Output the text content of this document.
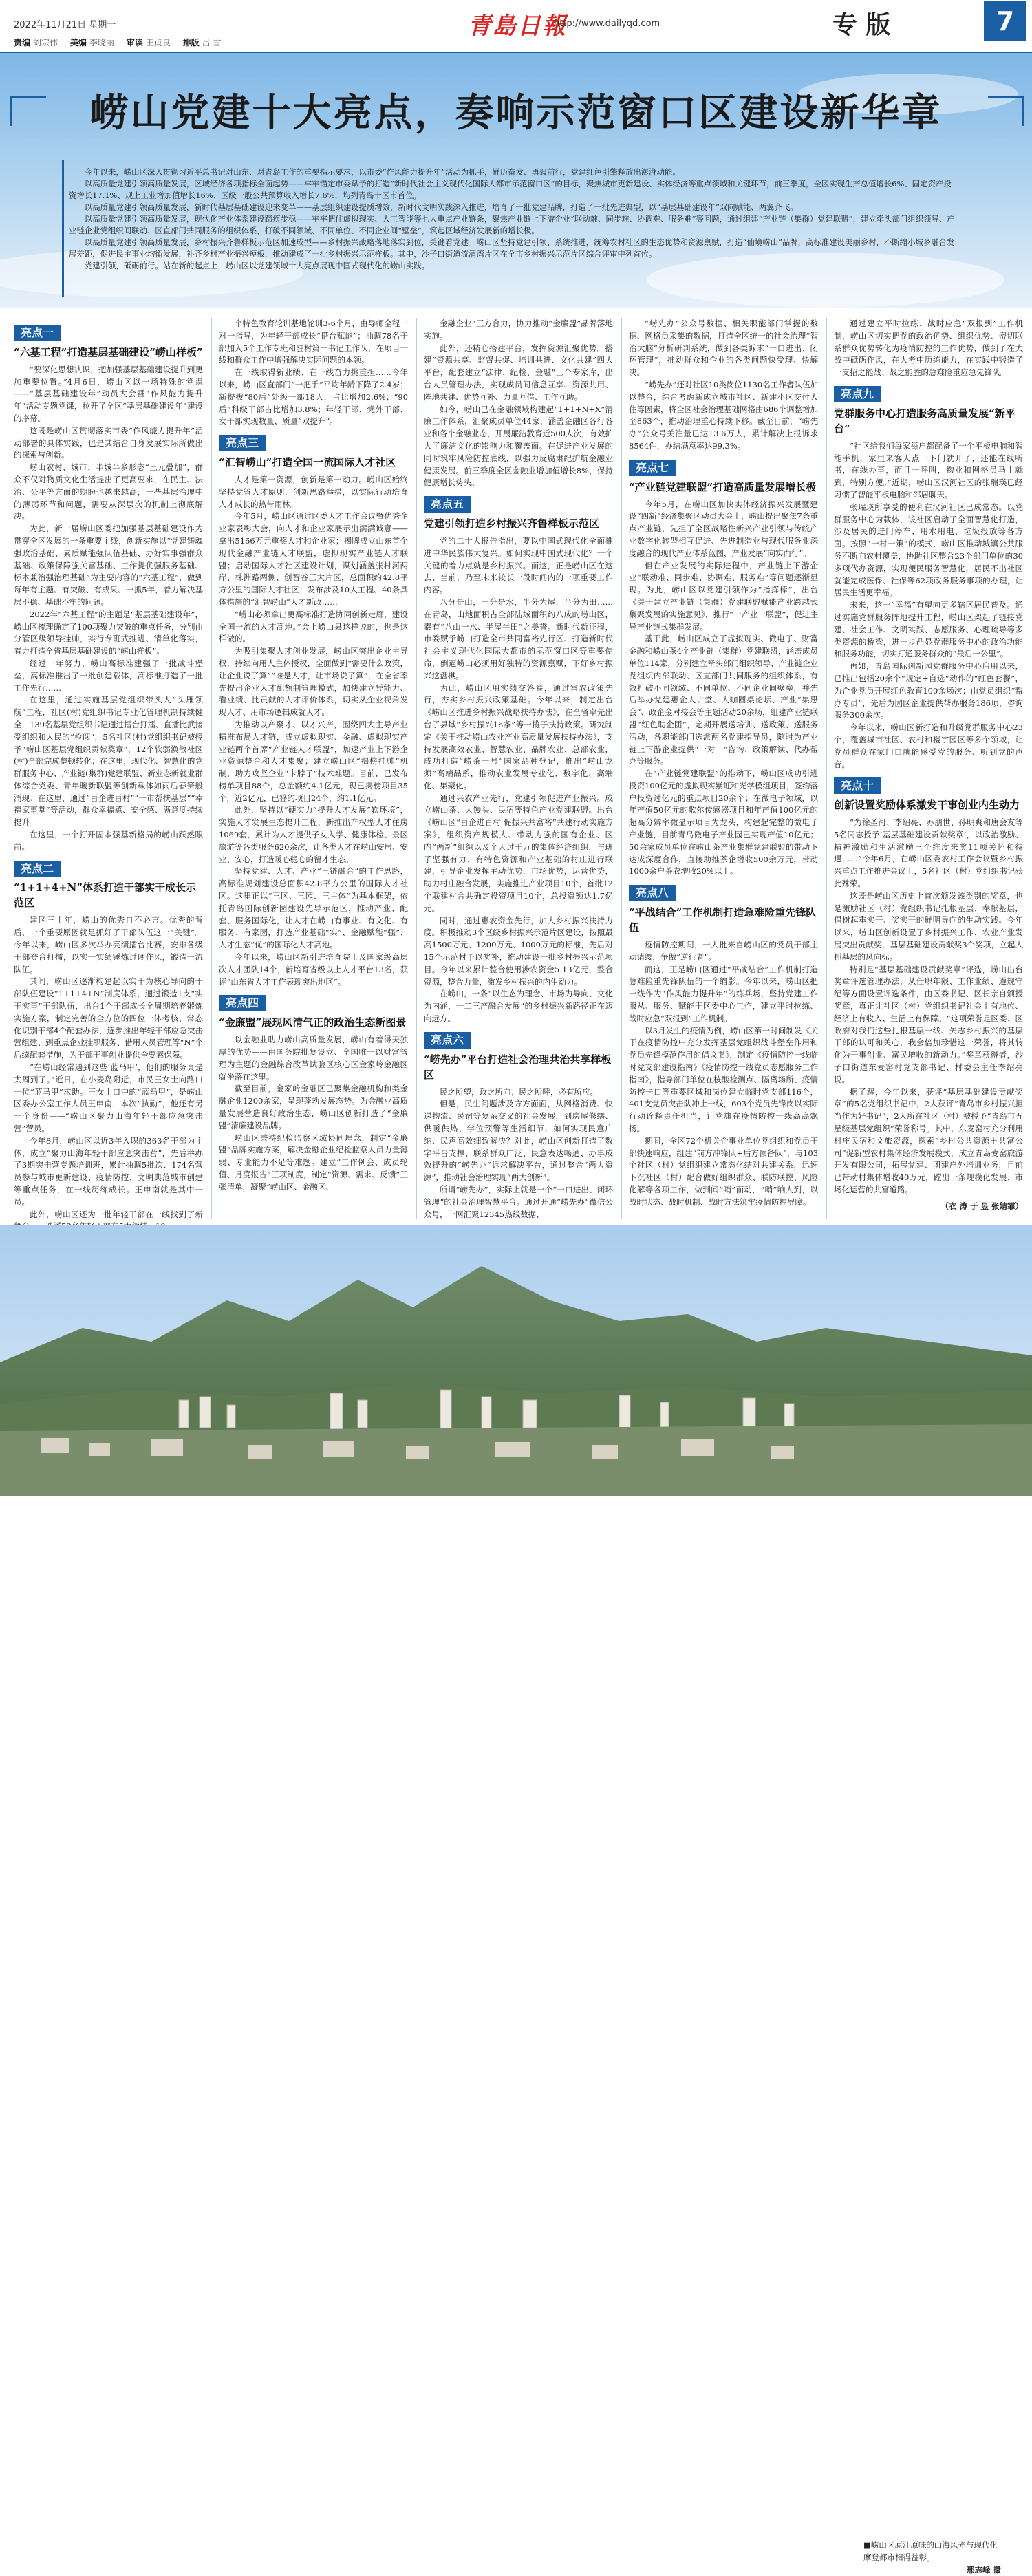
2022年11月21日 星期一
责编 刘宗伟 美编 李晓丽 审读 王贞良 排版 吕 雪
青島日報
http://www.dailyqd.com	专 版	7
崂山党建十大亮点，奏响示范窗口区建设新华章

今年以来，崂山区深入贯彻习近平总书记对山东、对青岛工作的重要指示要求，以市委“作风能力提升年”活动为抓手，鲜历奋发、勇毅前行，党建红色引擎释放出澎湃动能。

以高质量党建引领高质量发展，区域经济各项指标全面起势——牢牢锚定市委赋予的打造“新时代社会主义现代化国际大都市示范窗口区”的目标，聚焦城市更新建设、实体经济等重点领域和关键环节，前三季度，全区实现生产总值增长6%、固定资产投资增长17.1%、规上工业增加值增长16%、区级一般公共预算收入增长7.6%，均列青岛十区市首位。

以高质量党建引领高质量发展，新时代基层基础建设迎来变革——基层组织建设提质增效，新时代文明实践深入推进，培育了一批党建品牌，打造了一批先进典型，以“基层基础建设年”双向赋能、两翼齐飞。

以高质量党建引领高质量发展，现代化产业体系建设蹄疾步稳——牢牢把住虚拟现实、人工智能等七大重点产业链条，聚焦产业链上下游企业“联动难、同步难、协调难、服务难”等问题，通过组建“产业链（集群）党建联盟”，建立牵头部门组织领导、产业链企业党组织间联动、区直部门共同服务的组织体系，打破不同领域、不同单位、不同企业间“壁垒”，筑起区域经济发展新的增长极。

以高质量党建引领高质量发展，乡村振兴齐鲁样板示范区加速成型——乡村振兴战略落地落实到位，关键看党建。崂山区坚持党建引领、系统推进，统筹农村社区的生态优势和资源禀赋，打造“仙境崂山”品牌，高标准建设美丽乡村，不断缩小城乡融合发展差距，促进民主事业均衡发展，补齐乡村产业振兴短板，推动建成了一批乡村振兴示范样板。其中，沙子口街道流清湾片区在全市乡村振兴示范片区综合评审中列首位。

党建引领，砥砺前行。站在新的起点上，崂山区以党建领域十大亮点展现中国式现代化的崂山实践。

亮点一
“六基工程”打造基层基础建设“崂山样板”

“要深化思想认识，把加强基层基础建设提升到更加重要位置。”4月6日，崂山区以一场特殊的党课——“基层基础建设年”动员大会暨“作风能力提升年”活动专题党课，拉开了全区“基层基础建设年”建设的序幕。

这既是崂山区贯彻落实市委“作风能力提升年”活动部署的具体实践，也是其结合自身发展实际所做出的探索与创新。

崂山农村、城市、半城半乡形态“三元叠加”，群众不仅对物质文化生活提出了更高要求，在民主、法治、公平等方面的期盼也越来越高，一些基层治理中的薄弱环节和问题，需要从深层次的机制上彻底解决。

为此，新一届崂山区委把加强基层基础建设作为贯穿全区发展的一条重要主线，创新实施以“党建铸魂强政治基础、素质赋能强队伍基础、办好实事强群众基础、政策保障强关富基础、工作提优强服务基础、标本兼治强治理基础”为主要内容的“六基工程”，做到每年有主题、有突破、有成果、一抓5年，着力解决基层不稳、基础不牢的问题。

2022年“六基工程”的主题是“基层基础建设年”，崂山区梳理确定了100项聚力突破的重点任务，分别由分管区级领导挂帅，实行专班式推进、清单化落实，着力打造全省基层基础建设的“崂山样板”。

经过一年努力，崂山高标准建强了一批战斗堡垒，高标准推出了一批创建载体，高标准打造了一批工作先行……

在这里，通过实施基层党组织带头人“头雁领航”工程，社区(村)党组织书记专业化管理机制持续健全，139名基层党组织书记通过擂台打擂、直播比武接受组织和人民的“检阅”，5名社区(村)党组织书记被授予“崂山区基层党组织贡献奖章”，12个软弱涣散社区(村)全部完成整顿转化；在这里，现代化、智慧化的党群服务中心、产业链(集群)党建联盟、新业态新就业群体综合党委、青年暖新联盟等创新载体如雨后春笋般涌现；在这里，通过“百企进百村”“一市帮扶基层”“幸福家事堂”等活动，群众幸福感、安全感、满意度持续提升。

在这里，一个打开固本强基新格局的崂山跃然眼前。

亮点二
“1+1+4+N”体系打造干部实干成长示范区

建区三十年，崂山的优秀自不必言。优秀的背后，一个重要原因就是抓好了干部队伍这一“关键”。今年以来，崂山区多次举办亮绩擂台比赛，安排各级干部登台打擂，以实干实绩锤炼过硬作风，锻造一流队伍。

其间，崂山区逐渐构建起以实干为核心导向的干部队伍建设“1+1+4+N”制度体系，通过锻造1支“实干实事”干部队伍，出台1个干部成长全周期培养锻炼实施方案，制定完善的全方位的四位一体考核、常态化识别干部4个配套办法，逐步推出年轻干部应急突击营组建、到重点企业挂职服务、借用人员管理等“N”个后续配套措施，为干部干事创业提供全要素保障。

“在崂山经常遇到这些‘蓝马甲’，他们的服务真是太周到了。”近日，在小麦岛附近，市民王女士向路口一位“蓝马甲”求助。王女士口中的“蓝马甲”，是崂山区委办公室工作人员王申南，本次“执勤”，他还有另一个身份——“崂山区聚力山海年轻干部应急突击营”营员。

今年8月，崂山区以近3年入职的363名干部为主体，成立“聚力山海年轻干部应急突击营”，先后举办了3期突击营专题培训班，累计抽调5批次、174名营员参与城市更新建设、疫情防控、文明典范城市创建等重点任务，在一线历练成长。王申南就是其中一员。

此外，崂山区还为一批年轻干部在一线找到了新

个特色教育轮训基地轮训3-6个月，由导师全程一对一指导，为年轻干部成长“搭台赋能”；抽调78名干部加入5个工作专班和驻村第一书记工作队，在项目一线和群众工作中增强解决实际问题的本领。

在一线取得新业绩、在一线奋力挑重担……今年以来，崂山区直部门“一把手”平均年龄下降了2.4岁；新提拔“80后”处级干部18人，占比增加2.6%；“90后”科级干部占比增加3.8%；年轻干部、党外干部、女干部实现数量、质量“双提升”。

亮点三
“汇智崂山”打造全国一流国际人才社区

人才是第一资源，创新是第一动力。崂山区始终坚持党管人才原则，创新思路举措，以实际行动培育人才成长的热带雨林。

今年5月，崂山区通过区委人才工作会议暨优秀企业家表彰大会，向人才和企业家展示出满满诚意——拿出5166万元重奖人才和企业家；揭牌成立山东首个现代金融产业链人才联盟，虚拟现实产业链人才联盟；启动国际人才社区建设计划，谋划涵盖张村河两岸、株洲路两侧、创智谷三大片区，总面积约42.8平方公里的国际人才社区；发布涉及10大工程、40条具体措施的“汇智崂山”人才新政……

“崂山必须拿出更高标准打造协同创新走廊，建设全国一流的人才高地。”会上崂山县这样说的，也是这样做的。

为吸引集聚人才创业发展，崂山区突出企业主导权，持续向用人主体授权，全面做到“需要什么政策，让企业说了算”“谁是人才，让市场说了算”，在全省率先提出企业人才配额制管理模式，加快建立凭能力、看业绩、比贡献的人才评价体系，切实从企业视角发现人才、用市场逻辑成就人才。

为推动以产聚才、以才兴产，围绕四大主导产业精准布局人才链，成立虚拟现实、金融、虚拟现实产业链两个首席“产业链人才联盟”，加速产业上下游企业资源整合和人才集聚；建立崂山区“揭榜挂帅”机制，助力攻坚企业“卡脖子”技术难题。目前，已发布榜单项目88个，总金额约4.1亿元，现已揭榜项目35个，近2亿元，已签约项目24个，约1.1亿元。

此外，坚持以“硬实力”提升人才发展“软环境”，实施人才发展生态提升工程，新推出产权型人才住房1069套，累计为人才提供子女入学、健康体检、景区旅游等各类服务620余次，让各类人才在崂山安居、安业、安心，打造暖心稳心的留才生态。

坚持党建、人才、产业“三链融合”的工作思路，高标准规划建设总面积42.8平方公里的国际人才社区。这里正以“三区、三园、三主体”为基本框架，依托青岛国际创新园建设先导示范区，推动产业、配套、服务国际化，让人才在崂山有事业、有文化、有服务、有家园，打造产业基础“实”、金融赋能“强”、人才生态“优”的国际化人才高地。

今年以来，崂山区新引进培育院士及国家级高层次人才团队14个，新培育省级以上人才平台13名，获评“山东省人才工作表现突出地区”。

亮点四
“金廉盟”展现风清气正的政治生态新图景

以金融业助力崂山高质量发展，崂山有着得天独厚的优势——由国务院批复设立、全国唯一以财富管理为主题的金融综合改革试验区核心区金家岭金融区就坐落在这里。

截至目前，金家岭金融区已聚集金融机构和类金融企业1200余家，呈现蓬勃发展态势。为金融业高质量发展营造良好政治生态，崂山区创新打造了“金廉盟”清廉建设品牌。

崂山区秉持纪检监察区域协同理念，制定“金廉盟”品牌实施方案，解决金融企业纪检监察人员力量薄弱、专业能力不足等难题。建立“工作例会、成员轮值、月度报告”三项制度，制定“资源、需求、反馈”三张清单，凝聚“崂山区、金融区、

金融企业”三方合力，协力推动“金廉盟”品牌落地实施。

此外，还精心搭建平台，发挥资源汇聚优势。搭建“资源共享、监督共促、培训共进、文化共建”四大平台，配套建立“法律、纪检、金融”三个专家库，出台人员管理办法，实现成员间信息互享、资源共用、阵地共建、优势互补、力量互借、工作互助。

如今，崂山已在金融领域构建起“1+1+N+X”清廉工作体系，汇聚成员单位44家，涵盖金融区各行各业和各个金融业态，开展廉洁教育近500人次，有效扩大了廉洁文化的影响力和覆盖面。在促进产业发展的同时筑牢风险防控底线，以强力反腐肃纪护航金融业健康发展。前三季度全区金融业增加值增长8%，保持健康增长势头。

亮点五
党建引领打造乡村振兴齐鲁样板示范区

党的二十大报告指出，要以中国式现代化全面推进中华民族伟大复兴。如何实现中国式现代化？一个关键的着力点就是乡村振兴。而这，正是崂山区在这去、当前，乃至未来较长一段时间内的一项重要工作内容。

八分是山，一分是水，半分为屋，半分为田……在青岛，山地面积占全部陆域面积约八成的崂山区，素有“八山一水、半屋半田”之美誉。新时代新征程，市委赋予崂山打造全市共同富裕先行区、打造新时代社会主义现代化国际大都市的示范窗口区等重要使命，倒逼崂山必须用好独特的资源禀赋，下好乡村振兴这盘棋。

为此，崂山区用实绩交答卷，通过富农政策先行，夯实乡村振兴政策基础。今年以来，制定出台《崂山区推进乡村振兴战略扶持办法》，在全省率先出台了县域“乡村振兴16条”等一揽子扶持政策。研究制定《关于推动崂山农业产业高质量发展扶持办法》，支持发展高效农业、智慧农业、品牌农业、总部农业，成功打造“崂茶一号”国家品种登记，推出“崂山龙须”高端品系，推动农业发展专业化、数字化、高端化、集聚化。

通过兴农产业先行，党建引领促进产业振兴。成立崂山茶、大馒头、民宿等特色产业党建联盟。出台《崂山区“百企进百村 促振兴共富裕”共建行动实施方案》，组织资产规模大、带动力强的国有企业、区内“两新”组织以及个人过千万的集体经济组织，与班子坚强有力、有特色资源和产业基础的村庄进行联建，引导企业发挥主动优势，市场优势，运营优势，助力村庄融合发展，实施推进产业项目10个，首批12个联建村合共确定投资项目10个，总投资额达1.7亿元。

同时，通过惠农资金先行，加大乡村振兴扶持力度。积极推动3个区级乡村振兴示范片区建设，按照最高1500万元、1200万元、1000万元的标准，先后对15个示范村予以奖补，推动建设一批乡村振兴示范项目。今年以来累计整合使用涉农资金5.13亿元，整合资源，整合力量，激发乡村振兴的内生动力。

在崂山，一条“以生态为理念、市场为导向、文化为内涵，一二三产融合发展”的乡村振兴新路径正在迈向远方。

亮点六
“崂先办”平台打造社会治理共治共享样板区

民之所望，政之所向；民之所呼，必有所应。

但是，民生问题涉及方方面面，从网格消费、快递物流、民宿等复杂交叉的社会发展，到房屋修缮、供暖供热、学位预警等生活细节，如何实现民意广纳、民声高效细致解决？对此，崂山区创新打造了数字平台支撑、联系群众广泛、民意表达畅通、办事成效提升的“崂先办”诉求解决平台，通过整合“两大资源”，推动社会治理实现“两大创新”。

所谓“崂先办”，实际上就是一个“一口进出、闭环管理”的社会治理智慧平台。通过开通“崂先办”微信公众号，一网汇聚12345热线数据、

“崂先办”公众号数据、相关职能部门掌握的数据、网格员采集的数据，打造全区统一的社会治理“智治大脑”分析研判系统，做到各类诉求“一口进出、闭环管理”，推动群众和企业的各类问题快受理、快解决。

“崂先办”还对社区10类岗位1130名工作者队伍加以整合，综合考虑新成立城市社区、新建小区交付人住等因素，将全区社会治理基础网格由686个调整增加至863个，推动治理重心持续下移。截至目前，“崂先办”公众号关注量已达13.6万人，累计解决上报诉求8564件，办结满意率达99.3%。

亮点七
“产业链党建联盟”打造高质量发展增长极

今年5月，在崂山区加快实体经济振兴发展暨建设“四新”经济集聚区动员大会上，崂山提出聚焦7条重点产业链，先担了全区战略性新兴产业引领与传统产业数字化转型相互促进、先进制造业与现代服务业深度融合的现代产业体系蓝图，产业发展“向实而行”。

但在产业发展的实际进程中，产业链上下游企业“联动难、同步难、协调难、服务难”等问题逐渐显现。为此，崂山区以党建引领作为“指挥棒”，出台《关于建立产业链（集群）党建联盟赋能产业跨越式集聚发展的实施意见》，推行“一产业一联盟”，促进主导产业链式集群发展。

基于此，崂山区成立了虚拟现实、微电子、财富金融和崂山茶4个产业链（集群）党建联盟，涵盖成员单位114家，分别建立牵头部门组织领导、产业链企业党组织内部联动、区直部门共同服务的组织体系，有效打破不同领域、不同单位、不同企业间壁垒，并先后举办党建惠企大讲堂、大咖圆桌论坛、产业“集思会”、政企金对接会等主题活动20余场，组建产业链联盟“红色助企团”，定期开展送培训、送政策、送服务活动，各职能部门选派两名党建指导员，随时为产业链上下游企业提供“一对一”咨询、政策解读、代办帮办等服务。

在“产业链党建联盟”的推动下，崂山区成功引进投资100亿元的虚拟现实紫虹和光学模组项目，签约落户投资过亿元的重点项目20余个；在微电子领域，以年产值50亿元的歌尔传感器项目和年产值100亿元的超高分辨率微显示项目为龙头，构建起完整的微电子产业链，目前青岛微电子产业园已实现产值10亿元；50余家成员单位在崂山茶产业集群党建联盟的带动下达成深度合作，直接助推茶企增收500余万元，带动1000余户茶农增收20%以上。

亮点八
“平战结合”工作机制打造急难险重先锋队伍

疫情防控期间，一大批来自崂山区的党员干部主动请缨，争做“逆行者”。

而这，正是崂山区通过“平战结合”工作机制打造急难险重先锋队伍的一个缩影。今年以来，崂山区把一线作为“作风能力提升年”的练兵场，坚持党建工作服从、服务、赋能于区委中心工作，建立平时拉练、战时应急“双报到”工作机制。

以3月发生的疫情为例，崂山区第一时间制发《关于在疫情防控中充分发挥基层党组织战斗堡垒作用和党员先锋模范作用的倡议书》，制定《疫情防控一线临时党支部建设指南》《疫情防控一线党员志愿服务工作指南》，指导部门单位在核酸检测点、隔离场所、疫情防控卡口等重要区域和岗位建立临时党支部116个，401支党员突击队冲上一线，603个党员先锋岗以实际行动诠释责任担当，让党旗在疫情防控一线高高飘扬。

期间，全区72个机关企事业单位党组织和党员干部快速响应，组建“前方冲锋队+后方预备队”，与103个社区（村）党组织建立常态化结对共建关系，迅速下沉社区（村）配合做好组织群众、联防联控、风险化解等各项工作，做到闻“哨”而动，“哨”响人到，以战时状态、战时机制、战时方法筑牢疫情防控屏障。

通过建立平时拉练、战时应急“双报到”工作机制，崂山区切实把党的政治优势、组织优势、密切联系群众优势转化为疫情防控的工作优势，做到了在大战中砥砺作风，在大考中历练能力，在实践中锻造了一支招之能战、战之能胜的急难险重应急先锋队。

亮点九
党群服务中心打造服务高质量发展“新平台”

“社区给我们每家每户都配备了一个平板电脑和智能手机，家里来客人点一下门就开了，还能在线听书，在线办事，而且一呼叫，物业和网格员马上就到，特别方便。”近期，崂山区汉河社区的张瑞瑛已经习惯了智能平板电脑和邻居聊天。

张瑞瑛所享受的便利在汉河社区已成常态。以党群服务中心为载体，该社区启动了全面智慧化打造，涉及居民的进门停车、用水用电、垃圾投放等各方面。按照“一村一策”的模式，崂山区推动城镇公共服务不断向农村覆盖，协助社区整合23个部门单位的30多项代办资源，实现便民服务智慧化，居民不出社区就能完成医保、社保等62项政务服务事项的办理，让居民生活更幸福。

未来，这一“幸福”有望向更多辖区居民普及。通过实施党群服务阵地提升工程，崂山区架起了链接党建、社会工作、文明实践、志愿服务、心理疏导等多类资源的桥梁，进一步凸显党群服务中心的政治功能和服务功能，切实打通服务群众的“最后一公里”。

再如，青岛国际创新园党群服务中心启用以来，已推出包括20余个“规定+自选”动作的“红色套餐”，为企业党员开展红色教育100余场次；由党员组织“帮办专员”，先后为园区企业提供帮办服务186项，咨询服务300余次。

今年以来，崂山区新打造和升级党群服务中心23个，覆盖城市社区、农村和楼宇园区等多个领域，让党员群众在家门口就能感受党的服务、听到党的声音。

亮点十
创新设置奖励体系激发干事创业内生动力

“为徐圣河、李绍亮、苏朋世、孙明爽和唐会友等5名同志授予‘基层基础建设贡献奖章’，以政治激励、精神激励和生活激励三个维度来奖11项关怀和待遇……”今年6月，在崂山区委农村工作会议暨乡村振兴重点工作推进会议上，5名社区（村）党组织书记获此殊荣。

这既是崂山区历史上首次颁发该类别的奖章，也是激励社区（村）党组织书记扎根基层、奉献基层，倡树起重实干、奖实干的鲜明导向的生动实践。今年以来，崂山区创新设置了乡村振兴工作、农业产业发展突出贡献奖，基层基础建设贡献奖3个奖项，立起大抓基层的风向标。

特别是“基层基础建设贡献奖章”评选，崂山出台奖章评选管理办法，从任职年限、工作业绩、遵规守纪等方面设置评选条件，由区委书记、区长亲自颁授奖章，真正让社区（村）党组织书记社会上有地位、经济上有收入、生活上有保障。“这项荣誉是区委、区政府对我们这些扎根基层一线、矢志乡村振兴的基层干部的认可和关心，我会倍加珍惜这一荣誉，将其转化为干事创业、富民增收的新动力。”奖章获得者，沙子口街道东麦窑村党支部书记、村委会主任李绍亮说。

据了解，今年以来，获评“基层基础建设贡献奖章”的5名党组织书记中，2人获评“青岛市乡村振兴担当作为好书记”，2人所在社区（村）被授予“青岛市五星级基层党组织”荣誉称号。其中，东麦窑村充分利用村庄民宿和文旅资源，探索“乡村公共资源＋共富公司”促新型农村集体经济发展模式，成立青岛麦窑旅游开发有限公司，拓展党建、团建户外培训业务，目前已带动村集体增收40万元，蹚出一条规模化发展、市场化运营的共富道路。

（衣 涛 于 昱 张婧霏）
■崂山区原汁原味的山海风光与现代化摩登都市相得益彰。
邢志峰 摄
